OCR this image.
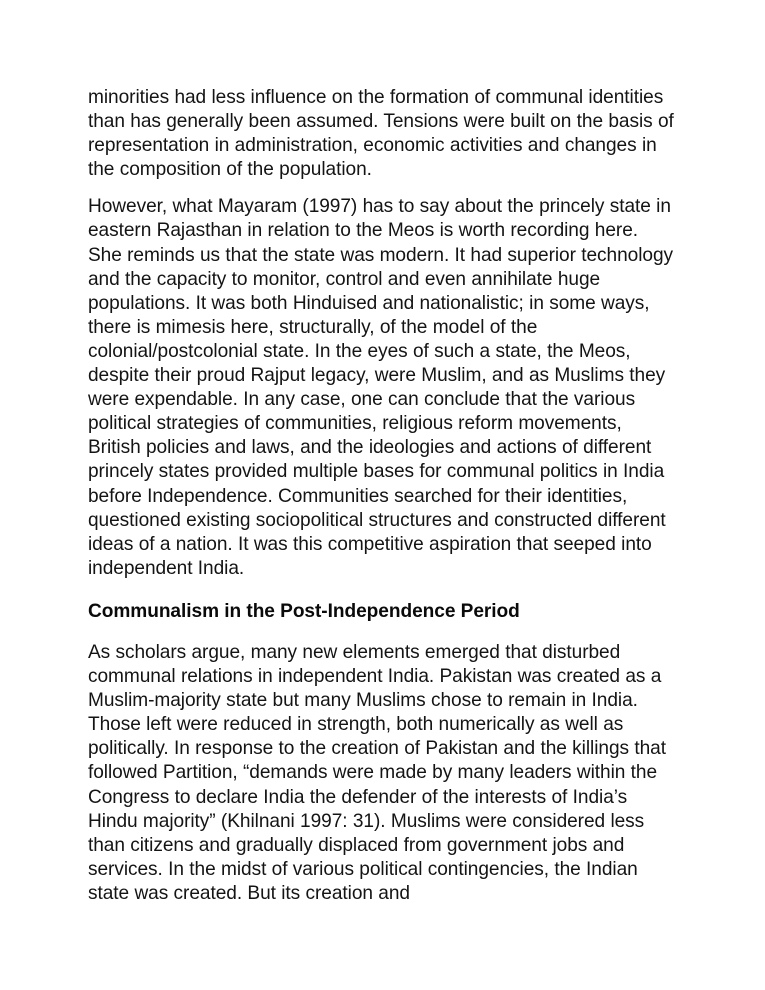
minorities had less influence on the formation of communal identities than has generally been assumed. Tensions were built on the basis of representation in administration, economic activities and changes in the composition of the population.

However, what Mayaram (1997) has to say about the princely state in eastern Rajasthan in relation to the Meos is worth recording here. She reminds us that the state was modern. It had superior technology and the capacity to monitor, control and even annihilate huge populations. It was both Hinduised and nationalistic; in some ways, there is mimesis here, structurally, of the model of the colonial/postcolonial state. In the eyes of such a state, the Meos, despite their proud Rajput legacy, were Muslim, and as Muslims they were expendable. In any case, one can conclude that the various political strategies of communities, religious reform movements, British policies and laws, and the ideologies and actions of different princely states provided multiple bases for communal politics in India before Independence. Communities searched for their identities, questioned existing sociopolitical structures and constructed different ideas of a nation. It was this competitive aspiration that seeped into independent India.

Communalism in the Post-Independence Period

As scholars argue, many new elements emerged that disturbed communal relations in independent India. Pakistan was created as a Muslim-majority state but many Muslims chose to remain in India. Those left were reduced in strength, both numerically as well as politically. In response to the creation of Pakistan and the killings that followed Partition, “demands were made by many leaders within the Congress to declare India the defender of the interests of India’s Hindu majority” (Khilnani 1997: 31). Muslims were considered less than citizens and gradually displaced from government jobs and services. In the midst of various political contingencies, the Indian state was created. But its creation and
